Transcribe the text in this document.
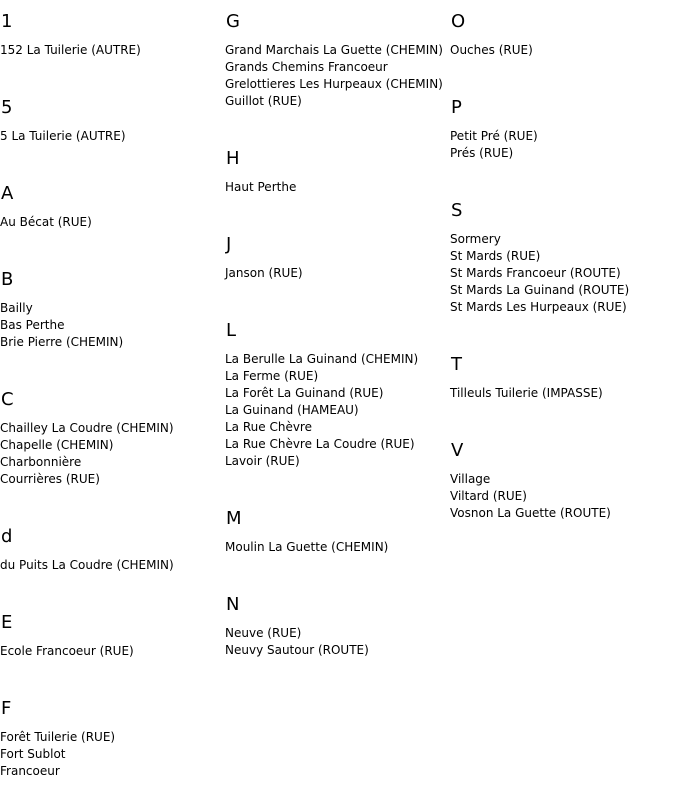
1
152 La Tuilerie (AUTRE)
5
5 La Tuilerie (AUTRE)
A
Au Bécat (RUE)
B
Bailly
Bas Perthe
Brie Pierre (CHEMIN)
C
Chailley La Coudre (CHEMIN)
Chapelle (CHEMIN)
Charbonnière
Courrières (RUE)
d
du Puits La Coudre (CHEMIN)
E
Ecole Francoeur (RUE)
F
Forêt Tuilerie (RUE)
Fort Sublot
Francoeur
G
Grand Marchais La Guette (CHEMIN)
Grands Chemins Francoeur
Grelottieres Les Hurpeaux (CHEMIN)
Guillot (RUE)
H
Haut Perthe
J
Janson (RUE)
L
La Berulle La Guinand (CHEMIN)
La Ferme (RUE)
La Forêt La Guinand (RUE)
La Guinand (HAMEAU)
La Rue Chèvre
La Rue Chèvre La Coudre (RUE)
Lavoir (RUE)
M
Moulin La Guette (CHEMIN)
N
Neuve (RUE)
Neuvy Sautour (ROUTE)
O
Ouches (RUE)
P
Petit Pré (RUE)
Prés (RUE)
S
Sormery
St Mards (RUE)
St Mards Francoeur (ROUTE)
St Mards La Guinand (ROUTE)
St Mards Les Hurpeaux (RUE)
T
Tilleuls Tuilerie (IMPASSE)
V
Village
Viltard (RUE)
Vosnon La Guette (ROUTE)
